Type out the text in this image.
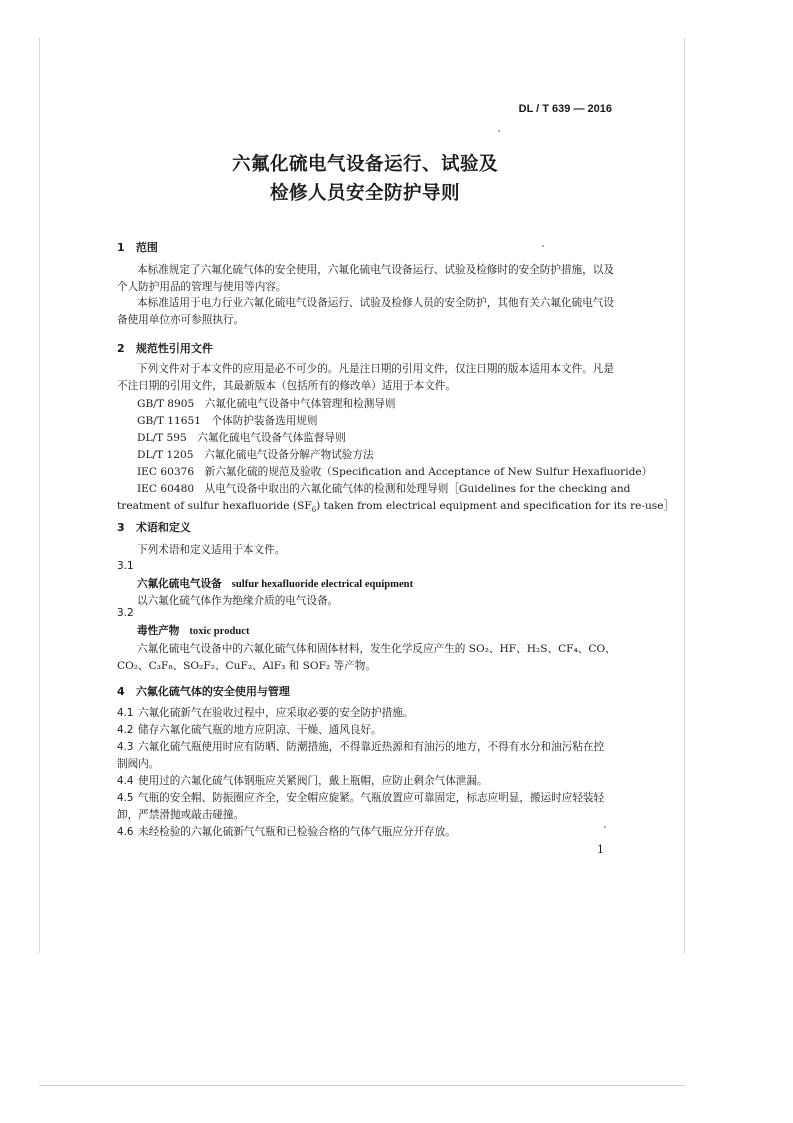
DL / T 639 — 2016
六氟化硫电气设备运行、试验及
检修人员安全防护导则
1 范围
本标准规定了六氟化硫气体的安全使用，六氟化硫电气设备运行、试验及检修时的安全防护措施，以及个人防护用品的管理与使用等内容。
本标准适用于电力行业六氟化硫电气设备运行、试验及检修人员的安全防护，其他有关六氟化硫电气设备使用单位亦可参照执行。
2 规范性引用文件
下列文件对于本文件的应用是必不可少的。凡是注日期的引用文件，仅注日期的版本适用本文件。凡是不注日期的引用文件，其最新版本（包括所有的修改单）适用于本文件。
GB/T 8905　六氟化硫电气设备中气体管理和检测导则
GB/T 11651　个体防护装备选用规则
DL/T 595　六氟化硫电气设备气体监督导则
DL/T 1205　六氟化硫电气设备分解产物试验方法
IEC 60376　新六氟化硫的规范及验收（Specification and Acceptance of New Sulfur Hexafluoride）
IEC 60480　从电气设备中取出的六氟化硫气体的检测和处理导则［Guidelines for the checking and
treatment of sulfur hexafluoride $(SF_6)$ taken from electrical equipment and specification for its re-use］
3 术语和定义
下列术语和定义适用于本文件。
3.1
六氟化硫电气设备 sulfur hexafluoride electrical equipment
以六氟化硫气体作为绝缘介质的电气设备。
3.2
毒性产物 toxic product
六氟化硫电气设备中的六氟化硫气体和固体材料，发生化学反应产生的 SO₂、HF、H₂S、CF₄、CO、
CO₂、C₃F₈、SO₂F₂、CuF₂、AlF₃ 和 SOF₂ 等产物。
4 六氟化硫气体的安全使用与管理
4.1 六氟化硫新气在验收过程中，应采取必要的安全防护措施。
4.2 储存六氟化硫气瓶的地方应阴凉、干燥、通风良好。
4.3 六氟化硫气瓶使用时应有防晒、防潮措施，不得靠近热源和有油污的地方，不得有水分和油污粘在控制阀内。
4.4 使用过的六氟化硫气体钢瓶应关紧阀门，戴上瓶帽，应防止剩余气体泄漏。
4.5 气瓶的安全帽、防振圈应齐全，安全帽应旋紧。气瓶放置应可靠固定，标志应明显，搬运时应轻装轻卸，严禁滑抛或敲击碰撞。
4.6 未经检验的六氟化硫新气气瓶和已检验合格的气体气瓶应分开存放。
1
